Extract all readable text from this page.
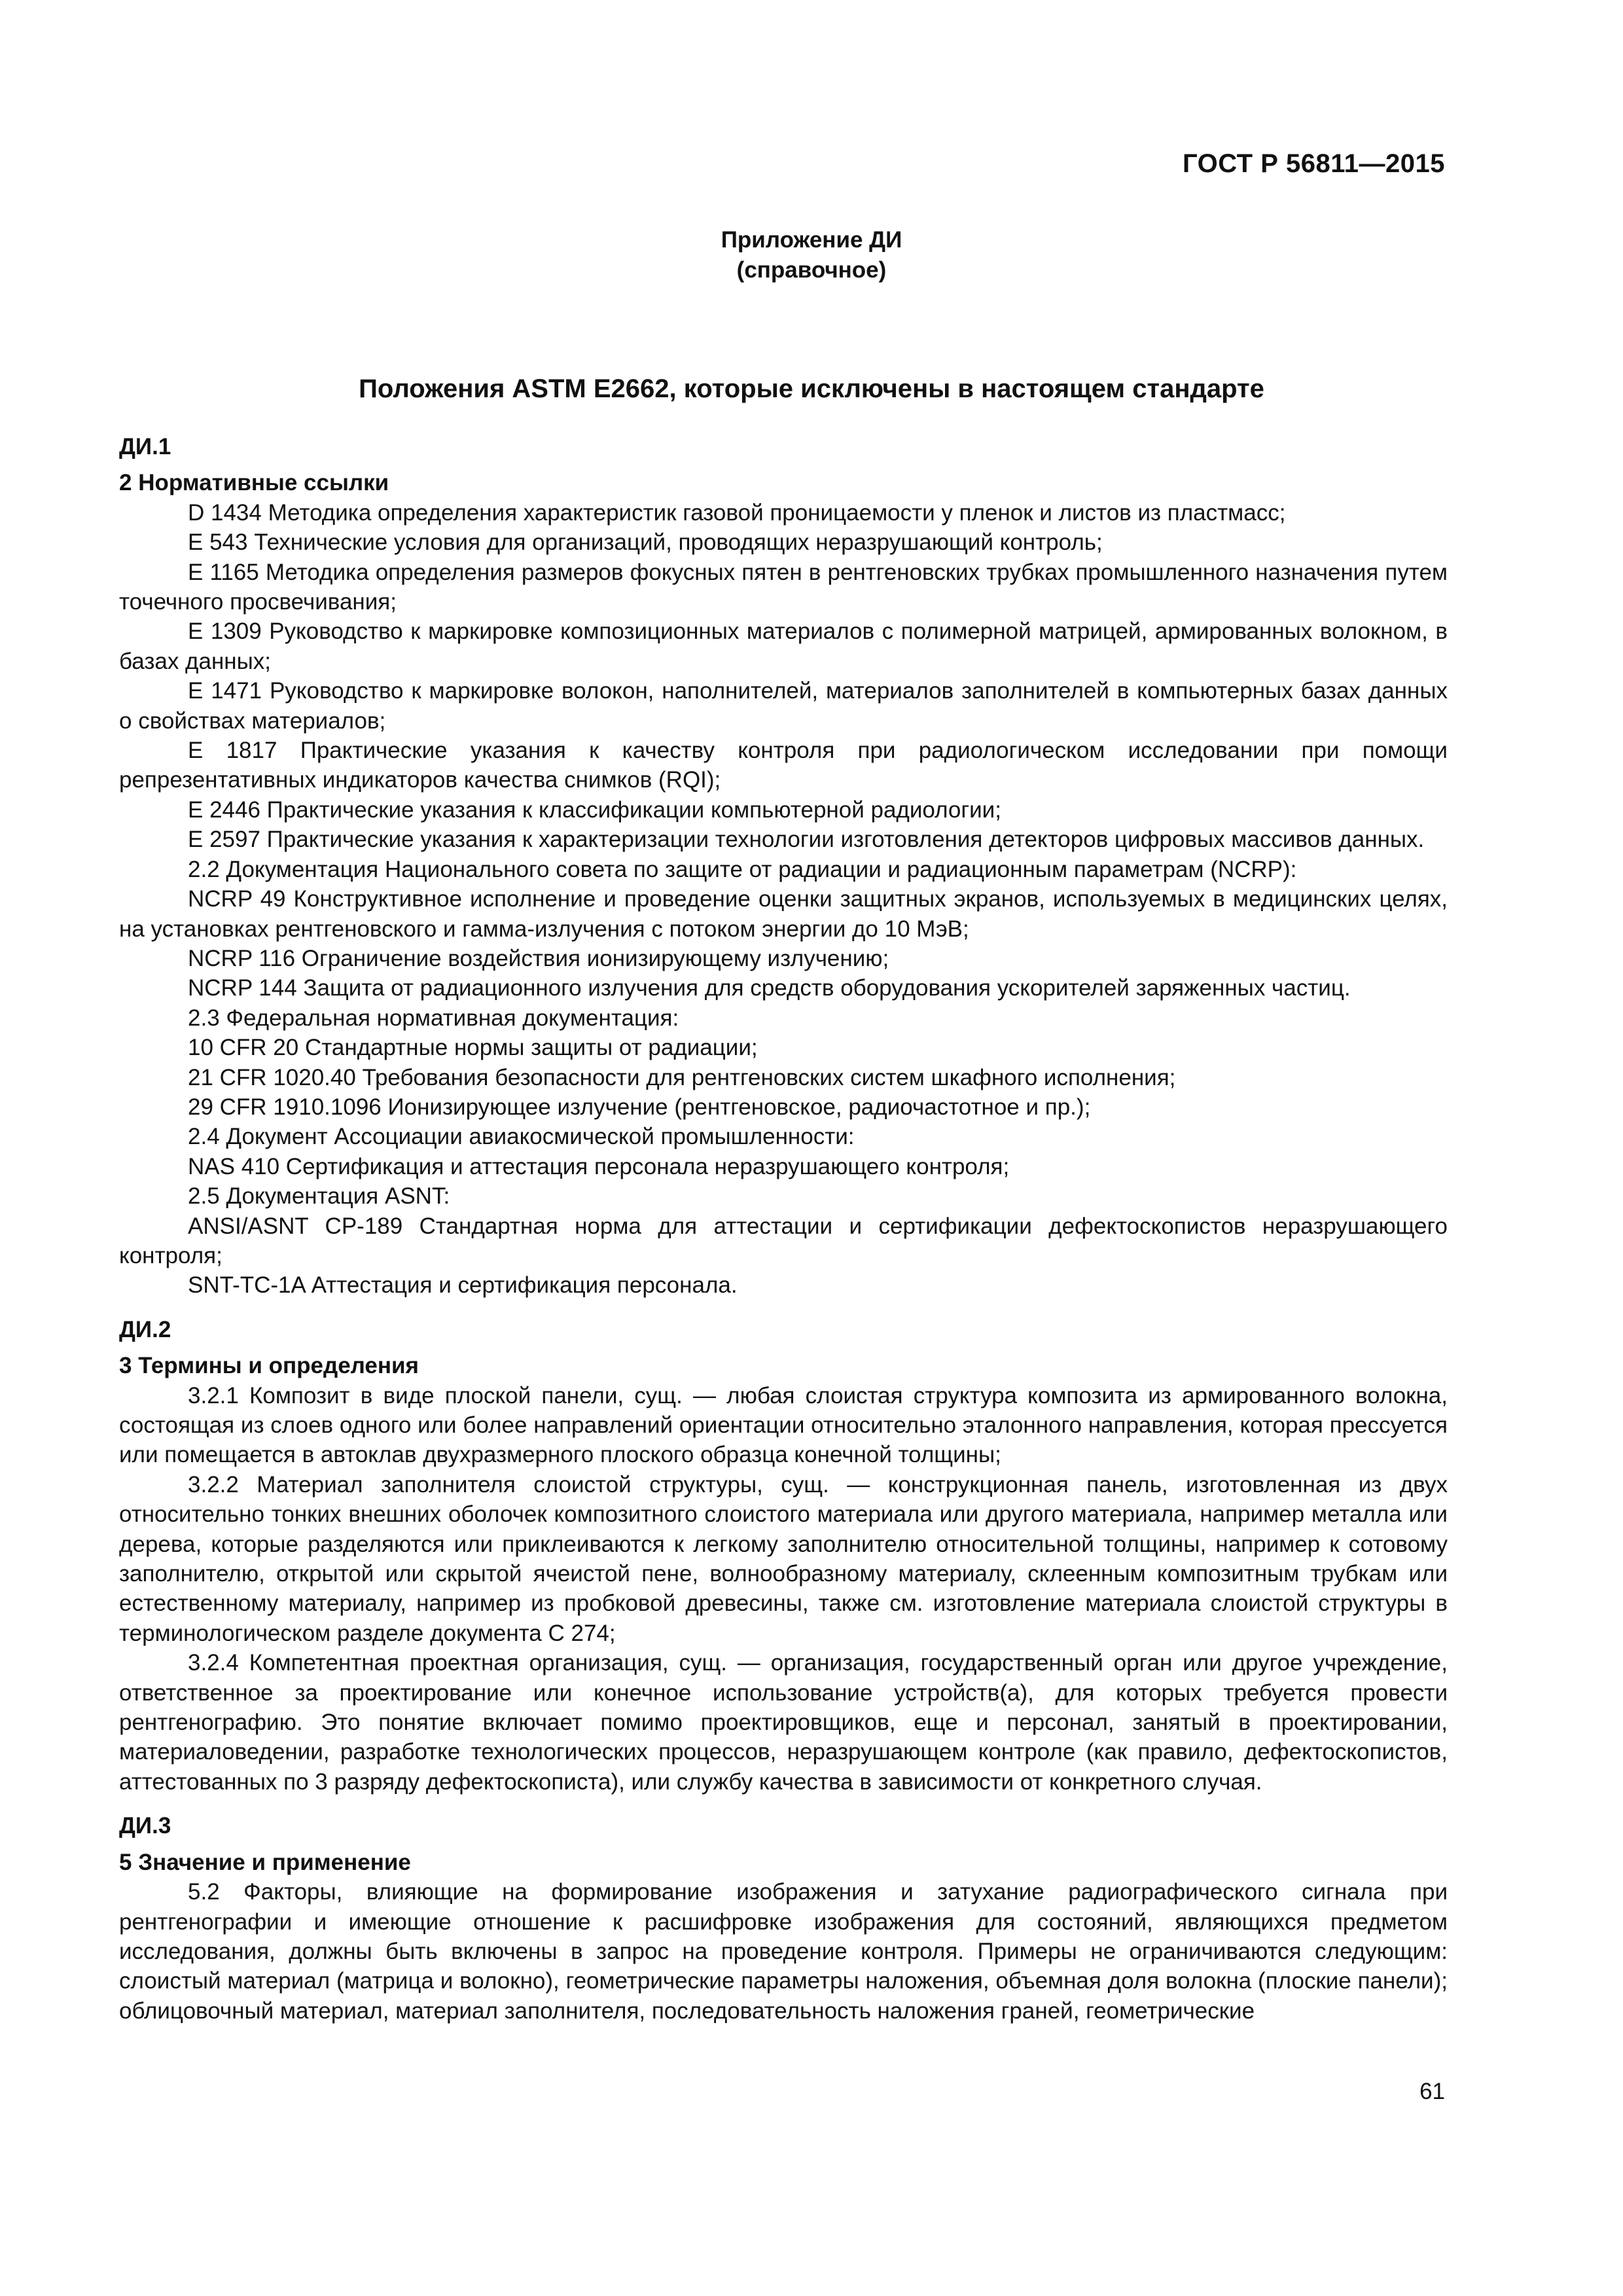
ГОСТ Р 56811—2015
Приложение ДИ
(справочное)
Положения ASTM E2662, которые исключены в настоящем стандарте
ДИ.1
2 Нормативные ссылки

D 1434 Методика определения характеристик газовой проницаемости у пленок и листов из пластмасс;

E 543 Технические условия для организаций, проводящих неразрушающий контроль;

E 1165 Методика определения размеров фокусных пятен в рентгеновских трубках промышленного назначения путем точечного просвечивания;

E 1309 Руководство к маркировке композиционных материалов с полимерной матрицей, армированных волокном, в базах данных;

E 1471 Руководство к маркировке волокон, наполнителей, материалов заполнителей в компьютерных базах данных о свойствах материалов;

E 1817 Практические указания к качеству контроля при радиологическом исследовании при помощи репрезентативных индикаторов качества снимков (RQI);

E 2446 Практические указания к классификации компьютерной радиологии;

E 2597 Практические указания к характеризации технологии изготовления детекторов цифровых массивов данных.

2.2 Документация Национального совета по защите от радиации и радиационным параметрам (NCRP):

NCRP 49 Конструктивное исполнение и проведение оценки защитных экранов, используемых в медицинских целях, на установках рентгеновского и гамма-излучения с потоком энергии до 10 МэВ;

NCRP 116 Ограничение воздействия ионизирующему излучению;

NCRP 144 Защита от радиационного излучения для средств оборудования ускорителей заряженных частиц.

2.3 Федеральная нормативная документация:

10 CFR 20 Стандартные нормы защиты от радиации;

21 CFR 1020.40 Требования безопасности для рентгеновских систем шкафного исполнения;

29 CFR 1910.1096 Ионизирующее излучение (рентгеновское, радиочастотное и пр.);

2.4 Документ Ассоциации авиакосмической промышленности:

NAS 410 Сертификация и аттестация персонала неразрушающего контроля;

2.5 Документация ASNT:

ANSI/ASNT CP-189 Стандартная норма для аттестации и сертификации дефектоскопистов неразрушающего контроля;

SNT-TC-1A Аттестация и сертификация персонала.

ДИ.2
3 Термины и определения

3.2.1 Композит в виде плоской панели, сущ. — любая слоистая структура композита из армированного волокна, состоящая из слоев одного или более направлений ориентации относительно эталонного направления, которая прессуется или помещается в автоклав двухразмерного плоского образца конечной толщины;

3.2.2 Материал заполнителя слоистой структуры, сущ. — конструкционная панель, изготовленная из двух относительно тонких внешних оболочек композитного слоистого материала или другого материала, например металла или дерева, которые разделяются или приклеиваются к легкому заполнителю относительной толщины, например к сотовому заполнителю, открытой или скрытой ячеистой пене, волнообразному материалу, склеенным композитным трубкам или естественному материалу, например из пробковой древесины, также см. изготовление материала слоистой структуры в терминологическом разделе документа С 274;

3.2.4 Компетентная проектная организация, сущ. — организация, государственный орган или другое учреждение, ответственное за проектирование или конечное использование устройств(а), для которых требуется провести рентгенографию. Это понятие включает помимо проектировщиков, еще и персонал, занятый в проектировании, материаловедении, разработке технологических процессов, неразрушающем контроле (как правило, дефектоскопистов, аттестованных по 3 разряду дефектоскописта), или службу качества в зависимости от конкретного случая.

ДИ.3
5 Значение и применение

5.2 Факторы, влияющие на формирование изображения и затухание радиографического сигнала при рентгенографии и имеющие отношение к расшифровке изображения для состояний, являющихся предметом исследования, должны быть включены в запрос на проведение контроля. Примеры не ограничиваются следующим: слоистый материал (матрица и волокно), геометрические параметры наложения, объемная доля волокна (плоские панели); облицовочный материал, материал заполнителя, последовательность наложения граней, геометрические

61
